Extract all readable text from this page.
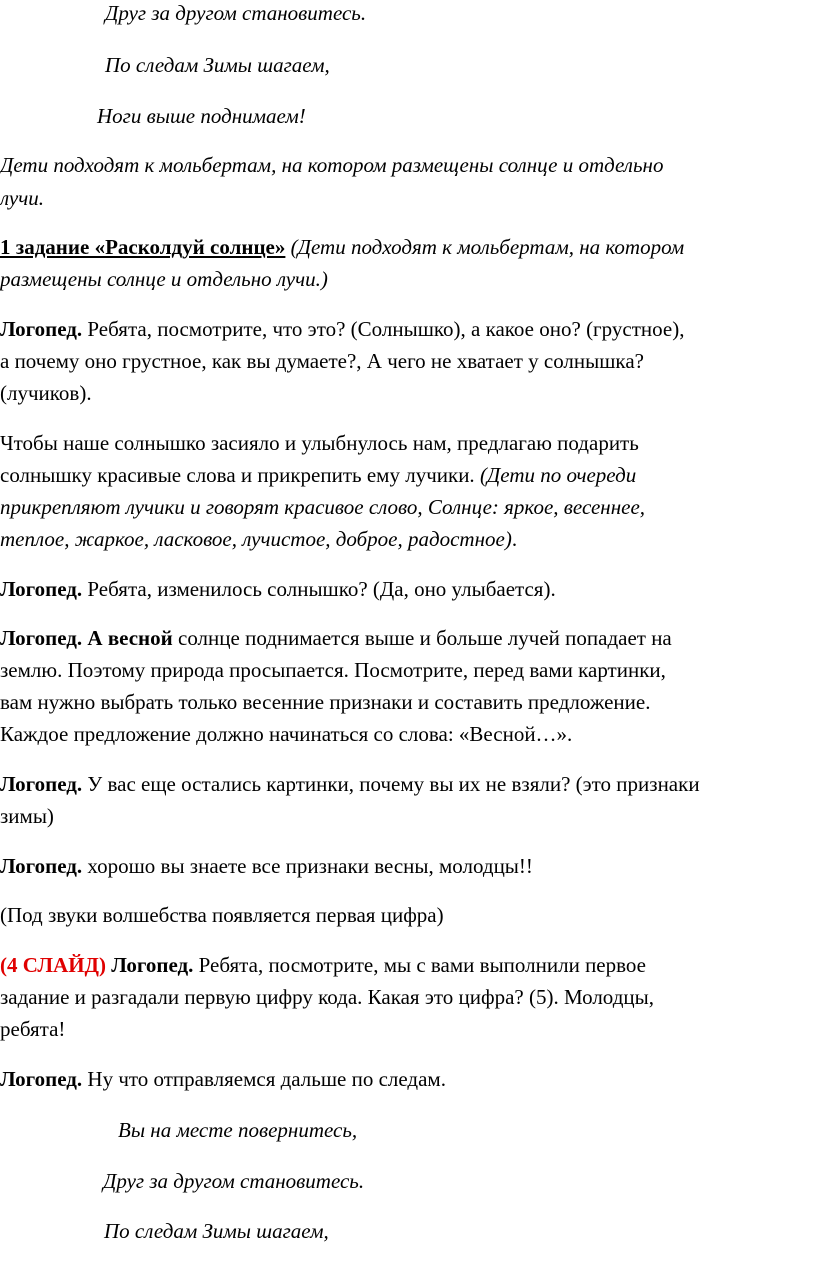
Друг за другом становитесь.
По следам Зимы шагаем,
Ноги выше поднимаем!
Дети подходят к мольбертам, на котором размещены солнце и отдельно
лучи.
1 задание «Расколдуй солнце» (Дети подходят к мольбертам, на котором
размещены солнце и отдельно лучи.)
Логопед. Ребята, посмотрите, что это? (Солнышко), а какое оно? (грустное),
а почему оно грустное, как вы думаете?, А чего не хватает у солнышка?
(лучиков).
Чтобы наше солнышко засияло и улыбнулось нам, предлагаю подарить
солнышку красивые слова и прикрепить ему лучики. (Дети по очереди
прикрепляют лучики и говорят красивое слово, Солнце: яркое, весеннее,
теплое, жаркое, ласковое, лучистое, доброе, радостное).
Логопед. Ребята, изменилось солнышко? (Да, оно улыбается).
Логопед. А весной солнце поднимается выше и больше лучей попадает на
землю. Поэтому природа просыпается. Посмотрите, перед вами картинки,
вам нужно выбрать только весенние признаки и составить предложение.
Каждое предложение должно начинаться со слова: «Весной…».
Логопед. У вас еще остались картинки, почему вы их не взяли? (это признаки
зимы)
Логопед. хорошо вы знаете все признаки весны, молодцы!!
(Под звуки волшебства появляется первая цифра)
(4 СЛАЙД) Логопед. Ребята, посмотрите, мы с вами выполнили первое
задание и разгадали первую цифру кода. Какая это цифра? (5). Молодцы,
ребята!
Логопед. Ну что отправляемся дальше по следам.
Вы на месте повернитесь,
Друг за другом становитесь.
По следам Зимы шагаем,
